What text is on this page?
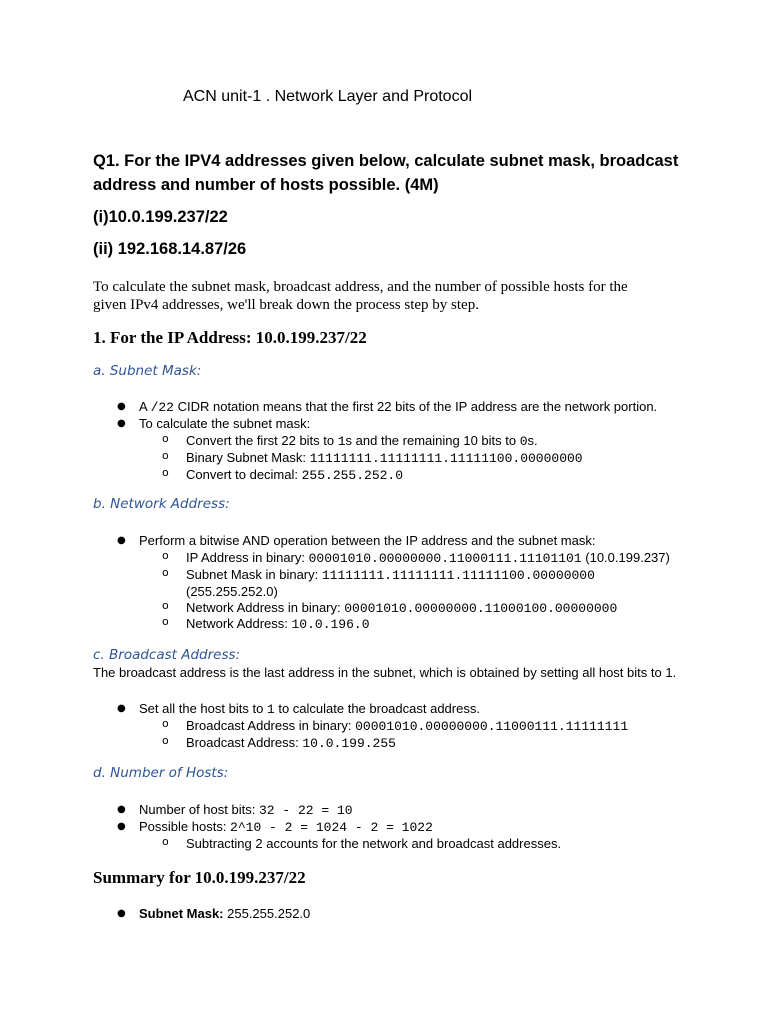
ACN unit-1 . Network Layer and Protocol
Q1. For the IPV4 addresses given below, calculate subnet mask, broadcast
address and number of hosts possible. (4M)
(i)10.0.199.237/22
(ii) 192.168.14.87/26
To calculate the subnet mask, broadcast address, and the number of possible hosts for the
given IPv4 addresses, we'll break down the process step by step.
1. For the IP Address: 10.0.199.237/22
a. Subnet Mask:
● A /22 CIDR notation means that the first 22 bits of the IP address are the network portion.
● To calculate the subnet mask:
o Convert the first 22 bits to 1s and the remaining 10 bits to 0s.
o Binary Subnet Mask: 11111111.11111111.11111100.00000000
o Convert to decimal: 255.255.252.0
b. Network Address:
● Perform a bitwise AND operation between the IP address and the subnet mask:
o IP Address in binary: 00001010.00000000.11000111.11101101 (10.0.199.237)
o Subnet Mask in binary: 11111111.11111111.11111100.00000000
(255.255.252.0)
o Network Address in binary: 00001010.00000000.11000100.00000000
o Network Address: 10.0.196.0
c. Broadcast Address:
The broadcast address is the last address in the subnet, which is obtained by setting all host bits to 1.
● Set all the host bits to 1 to calculate the broadcast address.
o Broadcast Address in binary: 00001010.00000000.11000111.11111111
o Broadcast Address: 10.0.199.255
d. Number of Hosts:
● Number of host bits: 32 - 22 = 10
● Possible hosts: 2^10 - 2 = 1024 - 2 = 1022
o Subtracting 2 accounts for the network and broadcast addresses.
Summary for 10.0.199.237/22
● Subnet Mask: 255.255.252.0
